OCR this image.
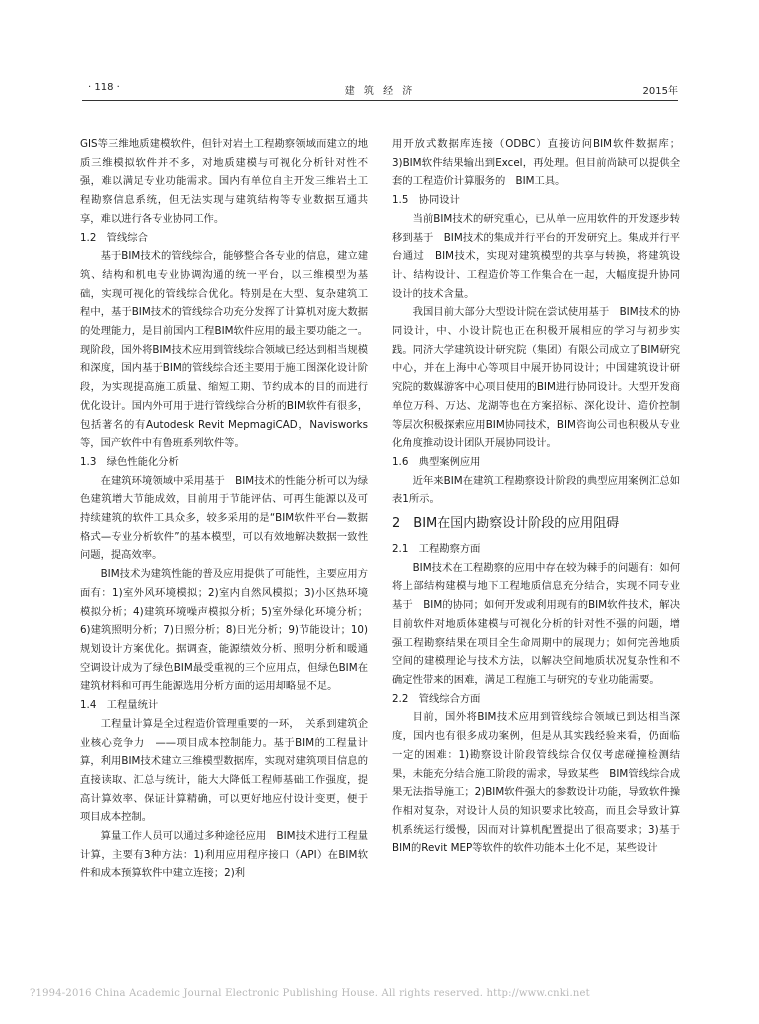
· 118 ·	建 筑 经 济	2015年

GIS等三维地质建模软件，但针对岩土工程勘察领域而建立的地质三维模拟软件并不多，对地质建模与可视化分析针对性不强，难以满足专业功能需求。国内有单位自主开发三维岩土工程勘察信息系统，但无法实现与建筑结构等专业数据互通共享，难以进行各专业协同工作。

1.2　管线综合

基于BIM技术的管线综合，能够整合各专业的信息，建立建筑、结构和机电专业协调沟通的统一平台，以三维模型为基础，实现可视化的管线综合优化。特别是在大型、复杂建筑工程中，基于BIM技术的管线综合功充分发挥了计算机对庞大数据的处理能力，是目前国内工程BIM软件应用的最主要功能之一。现阶段，国外将BIM技术应用到管线综合领域已经达到相当规模和深度，国内基于BIM的管线综合还主要用于施工图深化设计阶段，为实现提高施工质量、缩短工期、节约成本的目的而进行优化设计。国内外可用于进行管线综合分析的BIM软件有很多，包括著名的有Autodesk Revit MepmagiCAD，Navisworks等，国产软件中有鲁班系列软件等。

1.3　绿色性能化分析

在建筑环境领域中采用基于　BIM技术的性能分析可以为绿色建筑增大节能成效，目前用于节能评估、可再生能源以及可持续建筑的软件工具众多，较多采用的是“BIM软件平台—数据格式—专业分析软件”的基本模型，可以有效地解决数据一致性问题，提高效率。

BIM技术为建筑性能的普及应用提供了可能性，主要应用方面有：1)室外风环境模拟；2)室内自然风模拟；3)小区热环境模拟分析；4)建筑环境噪声模拟分析；5)室外绿化环境分析；6)建筑照明分析；7)日照分析；8)日光分析；9)节能设计；10)规划设计方案优化。据调查，能源绩效分析、照明分析和暖通空调设计成为了绿色BIM最受重视的三个应用点，但绿色BIM在建筑材料和可再生能源选用分析方面的运用却略显不足。

1.4　工程量统计

工程量计算是全过程造价管理重要的一环，　关系到建筑企业核心竞争力　——项目成本控制能力。基于BIM的工程量计算，利用BIM技术建立三维模型数据库，实现对建筑项目信息的直接读取、汇总与统计，能大大降低工程师基础工作强度，提高计算效率、保证计算精确，可以更好地应付设计变更，便于项目成本控制。

算量工作人员可以通过多种途径应用　BIM技术进行工程量计算，主要有3种方法：1)利用应用程序接口（API）在BIM软件和成本预算软件中建立连接；2)利

用开放式数据库连接（ODBC）直接访问BIM软件数据库；3)BIM软件结果输出到Excel，再处理。但目前尚缺可以提供全套的工程造价计算服务的　BIM工具。

1.5　协同设计

当前BIM技术的研究重心，已从单一应用软件的开发逐步转移到基于　BIM技术的集成并行平台的开发研究上。集成并行平台通过　BIM技术，实现对建筑模型的共享与转换，将建筑设计、结构设计、工程造价等工作集合在一起，大幅度提升协同设计的技术含量。

我国目前大部分大型设计院在尝试使用基于　BIM技术的协同设计，中、小设计院也正在积极开展相应的学习与初步实践。同济大学建筑设计研究院（集团）有限公司成立了BIM研究中心，并在上海中心等项目中展开协同设计；中国建筑设计研究院的数媒游客中心项目使用的BIM进行协同设计。大型开发商单位万科、万达、龙湖等也在方案招标、深化设计、造价控制等层次积极探索应用BIM协同技术，BIM咨询公司也积极从专业化角度推动设计团队开展协同设计。

1.6　典型案例应用

近年来BIM在建筑工程勘察设计阶段的典型应用案例汇总如表1所示。

2　BIM在国内勘察设计阶段的应用阻碍
2.1　工程勘察方面

BIM技术在工程勘察的应用中存在较为棘手的问题有：如何将上部结构建模与地下工程地质信息充分结合，实现不同专业基于　BIM的协同；如何开发或利用现有的BIM软件技术，解决目前软件对地质体建模与可视化分析的针对性不强的问题，增强工程勘察结果在项目全生命周期中的展现力；如何完善地质空间的建模理论与技术方法，以解决空间地质状况复杂性和不确定性带来的困难，满足工程施工与研究的专业功能需要。

2.2　管线综合方面

目前，国外将BIM技术应用到管线综合领域已到达相当深度，国内也有很多成功案例，但是从其实践经验来看，仍面临一定的困难：1)勘察设计阶段管线综合仅仅考虑碰撞检测结果，未能充分结合施工阶段的需求，导致某些　BIM管线综合成果无法指导施工；2)BIM软件强大的参数设计功能，导致软件操作相对复杂，对设计人员的知识要求比较高，而且会导致计算机系统运行缓慢，因而对计算机配置提出了很高要求；3)基于BIM的Revit MEP等软件的软件功能本土化不足，某些设计

?1994-2016 China Academic Journal Electronic Publishing House. All rights reserved. http://www.cnki.net
